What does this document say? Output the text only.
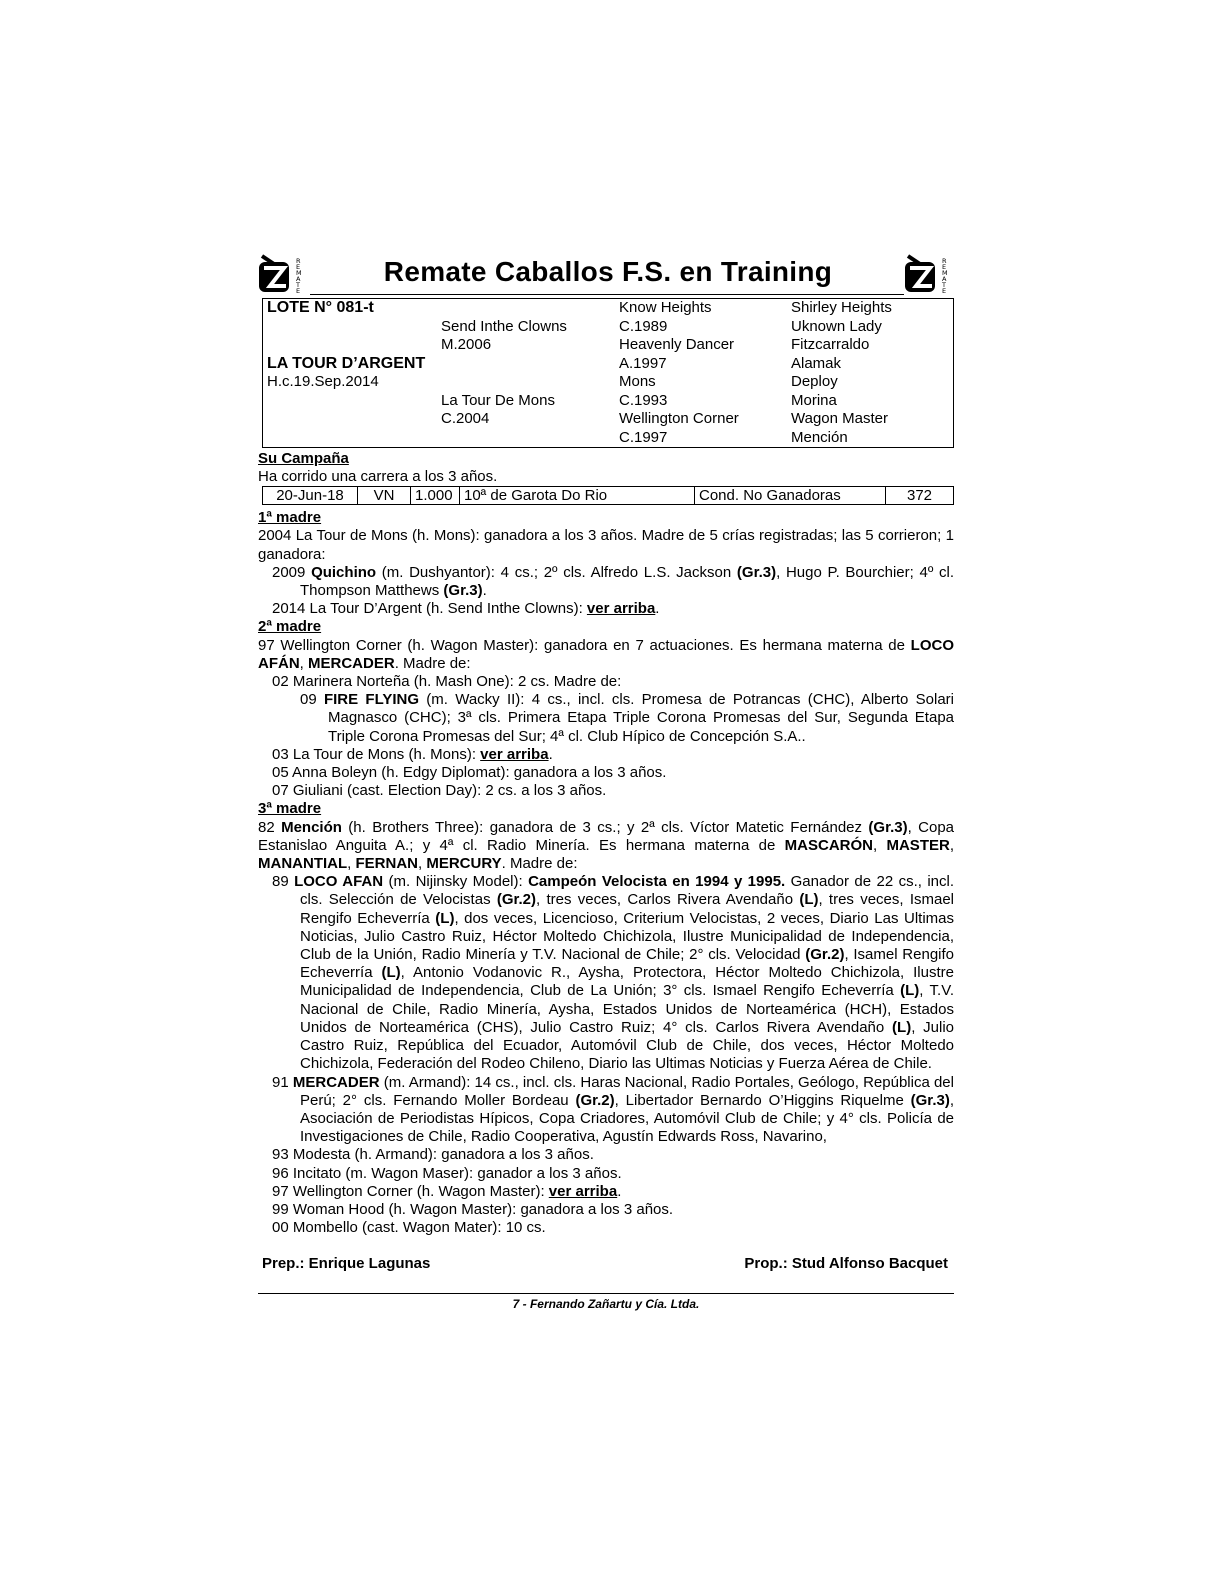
R
E
M
A
T
E
Remate Caballos F.S. en Training	R
E
M
A
T
E
LOTE N° 081-t		Know Heights	Shirley Heights
	Send Inthe Clowns	C.1989	Uknown Lady
	M.2006	Heavenly Dancer	Fitzcarraldo
LA TOUR D’ARGENT		A.1997	Alamak
H.c.19.Sep.2014		Mons	Deploy
	La Tour De Mons	C.1993	Morina
	C.2004	Wellington Corner	Wagon Master
		C.1997	Mención
Su Campaña
Ha corrido una carrera a los 3 años.
20-Jun-18	VN	1.000	10ª de Garota Do Rio	Cond. No Ganadoras	372
1ª madre
2004 La Tour de Mons (h. Mons): ganadora a los 3 años. Madre de 5 crías registradas; las 5 corrieron; 1 ganadora:
2009 Quichino (m. Dushyantor): 4 cs.; 2º cls. Alfredo L.S. Jackson (Gr.3), Hugo P. Bourchier; 4º cl. Thompson Matthews (Gr.3).
2014 La Tour D’Argent (h. Send Inthe Clowns): ver arriba.
2ª madre
97 Wellington Corner (h. Wagon Master): ganadora en 7 actuaciones. Es hermana materna de LOCO AFÁN, MERCADER. Madre de:
02 Marinera Norteña (h. Mash One): 2 cs. Madre de:
09 FIRE FLYING (m. Wacky II): 4 cs., incl. cls. Promesa de Potrancas (CHC), Alberto Solari Magnasco (CHC); 3ª cls. Primera Etapa Triple Corona Promesas del Sur, Segunda Etapa Triple Corona Promesas del Sur; 4ª cl. Club Hípico de Concepción S.A..
03 La Tour de Mons (h. Mons): ver arriba.
05 Anna Boleyn (h. Edgy Diplomat): ganadora a los 3 años.
07 Giuliani (cast. Election Day): 2 cs. a los 3 años.
3ª madre
82 Mención (h. Brothers Three): ganadora de 3 cs.; y 2ª cls. Víctor Matetic Fernández (Gr.3), Copa Estanislao Anguita A.; y 4ª cl. Radio Minería. Es hermana materna de MASCARÓN, MASTER, MANANTIAL, FERNAN, MERCURY. Madre de:
89 LOCO AFAN (m. Nijinsky Model): Campeón Velocista en 1994 y 1995. Ganador de 22 cs., incl. cls. Selección de Velocistas (Gr.2), tres veces, Carlos Rivera Avendaño (L), tres veces, Ismael Rengifo Echeverría (L), dos veces, Licencioso, Criterium Velocistas, 2 veces, Diario Las Ultimas Noticias, Julio Castro Ruiz, Héctor Moltedo Chichizola, Ilustre Municipalidad de Independencia, Club de la Unión, Radio Minería y T.V. Nacional de Chile; 2° cls. Velocidad (Gr.2), Isamel Rengifo Echeverría (L), Antonio Vodanovic R., Aysha, Protectora, Héctor Moltedo Chichizola, Ilustre Municipalidad de Independencia, Club de La Unión; 3° cls. Ismael Rengifo Echeverría (L), T.V. Nacional de Chile, Radio Minería, Aysha, Estados Unidos de Norteamérica (HCH), Estados Unidos de Norteamérica (CHS), Julio Castro Ruiz; 4° cls. Carlos Rivera Avendaño (L), Julio Castro Ruiz, República del Ecuador, Automóvil Club de Chile, dos veces, Héctor Moltedo Chichizola, Federación del Rodeo Chileno, Diario las Ultimas Noticias y Fuerza Aérea de Chile.
91 MERCADER (m. Armand): 14 cs., incl. cls. Haras Nacional, Radio Portales, Geólogo, República del Perú; 2° cls. Fernando Moller Bordeau (Gr.2), Libertador Bernardo O’Higgins Riquelme (Gr.3), Asociación de Periodistas Hípicos, Copa Criadores, Automóvil Club de Chile; y 4° cls. Policía de Investigaciones de Chile, Radio Cooperativa, Agustín Edwards Ross, Navarino,
93 Modesta (h. Armand): ganadora a los 3 años.
96 Incitato (m. Wagon Maser): ganador a los 3 años.
97 Wellington Corner (h. Wagon Master): ver arriba.
99 Woman Hood (h. Wagon Master): ganadora a los 3 años.
00 Mombello (cast. Wagon Mater): 10 cs.
Prep.: Enrique Lagunas	Prop.: Stud Alfonso Bacquet
7 - Fernando Zañartu y Cía. Ltda.
